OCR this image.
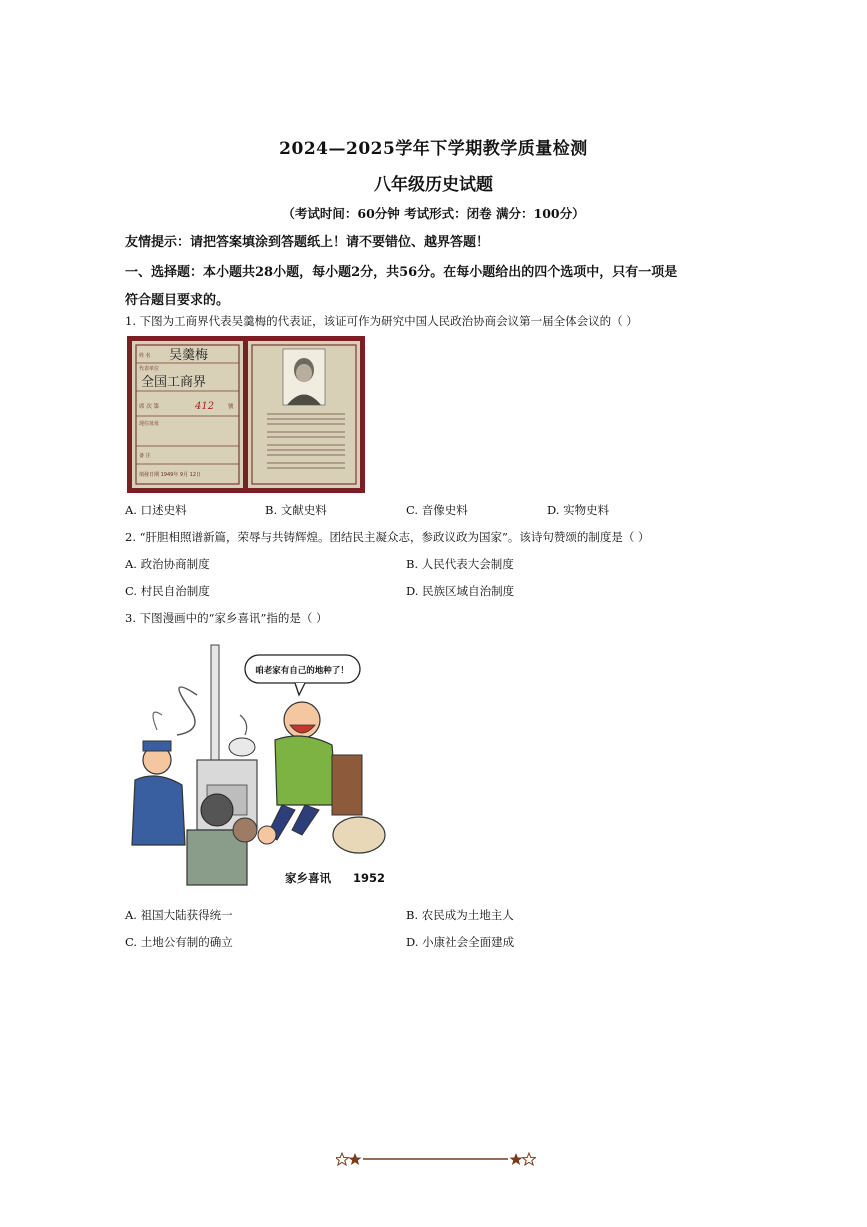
2024—2025学年下学期教学质量检测
八年级历史试题
（考试时间：60分钟 考试形式：闭卷 满分：100分）
友情提示：请把答案填涂到答题纸上！请不要错位、越界答题！
一、选择题：本小题共28小题，每小题2分，共56分。在每小题给出的四个选项中，只有一项是符合题目要求的。
1. 下图为工商界代表吴羹梅的代表证，该证可作为研究中国人民政治协商会议第一届全体会议的（ ）
姓 名 吴羹梅
代表单位
全国工商界
席 次 第	412	號
现住址址
备 注
填發日期 1949年 9月 12日
A. 口述史料	B. 文献史料	C. 音像史料	D. 实物史料
2. “肝胆相照谱新篇，荣辱与共铸辉煌。团结民主凝众志，参政议政为国家”。该诗句赞颂的制度是（ ）
A. 政治协商制度	B. 人民代表大会制度
C. 村民自治制度	D. 民族区域自治制度
3. 下图漫画中的“家乡喜讯”指的是（ ）
咱老家有自己的地种了！
家乡喜讯 1952
A. 祖国大陆获得统一	B. 农民成为土地主人
C. 土地公有制的确立	D. 小康社会全面建成
